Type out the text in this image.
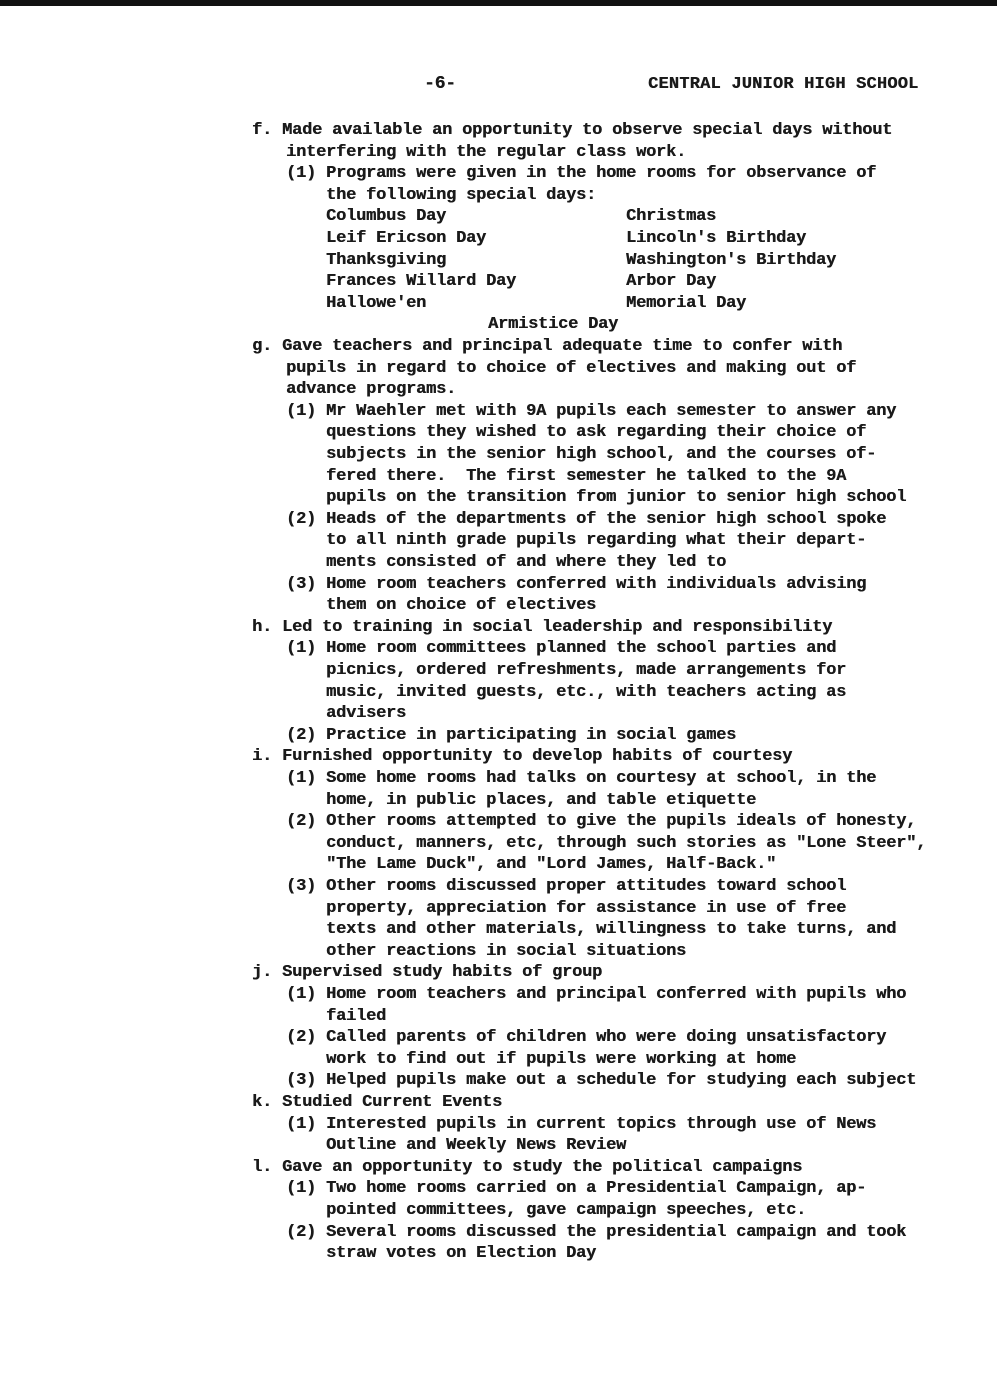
-6-	CENTRAL JUNIOR HIGH SCHOOL
f. Made available an opportunity to observe special days without
interfering with the regular class work.
(1) Programs were given in the home rooms for observance of
the following special days:
Columbus Day	Christmas
Leif Ericson Day	Lincoln's Birthday
Thanksgiving	Washington's Birthday
Frances Willard Day	Arbor Day
Hallowe'en	Memorial Day
Armistice Day
g. Gave teachers and principal adequate time to confer with
pupils in regard to choice of electives and making out of
advance programs.
(1) Mr Waehler met with 9A pupils each semester to answer any
questions they wished to ask regarding their choice of
subjects in the senior high school, and the courses of-
fered there.  The first semester he talked to the 9A
pupils on the transition from junior to senior high school
(2) Heads of the departments of the senior high school spoke
to all ninth grade pupils regarding what their depart-
ments consisted of and where they led to
(3) Home room teachers conferred with individuals advising
them on choice of electives
h. Led to training in social leadership and responsibility
(1) Home room committees planned the school parties and
picnics, ordered refreshments, made arrangements for
music, invited guests, etc., with teachers acting as
advisers
(2) Practice in participating in social games
i. Furnished opportunity to develop habits of courtesy
(1) Some home rooms had talks on courtesy at school, in the
home, in public places, and table etiquette
(2) Other rooms attempted to give the pupils ideals of honesty,
conduct, manners, etc, through such stories as "Lone Steer",
"The Lame Duck", and "Lord James, Half-Back."
(3) Other rooms discussed proper attitudes toward school
property, appreciation for assistance in use of free
texts and other materials, willingness to take turns, and
other reactions in social situations
j. Supervised study habits of group
(1) Home room teachers and principal conferred with pupils who
failed
(2) Called parents of children who were doing unsatisfactory
work to find out if pupils were working at home
(3) Helped pupils make out a schedule for studying each subject
k. Studied Current Events
(1) Interested pupils in current topics through use of News
Outline and Weekly News Review
l. Gave an opportunity to study the political campaigns
(1) Two home rooms carried on a Presidential Campaign, ap-
pointed committees, gave campaign speeches, etc.
(2) Several rooms discussed the presidential campaign and took
straw votes on Election Day
